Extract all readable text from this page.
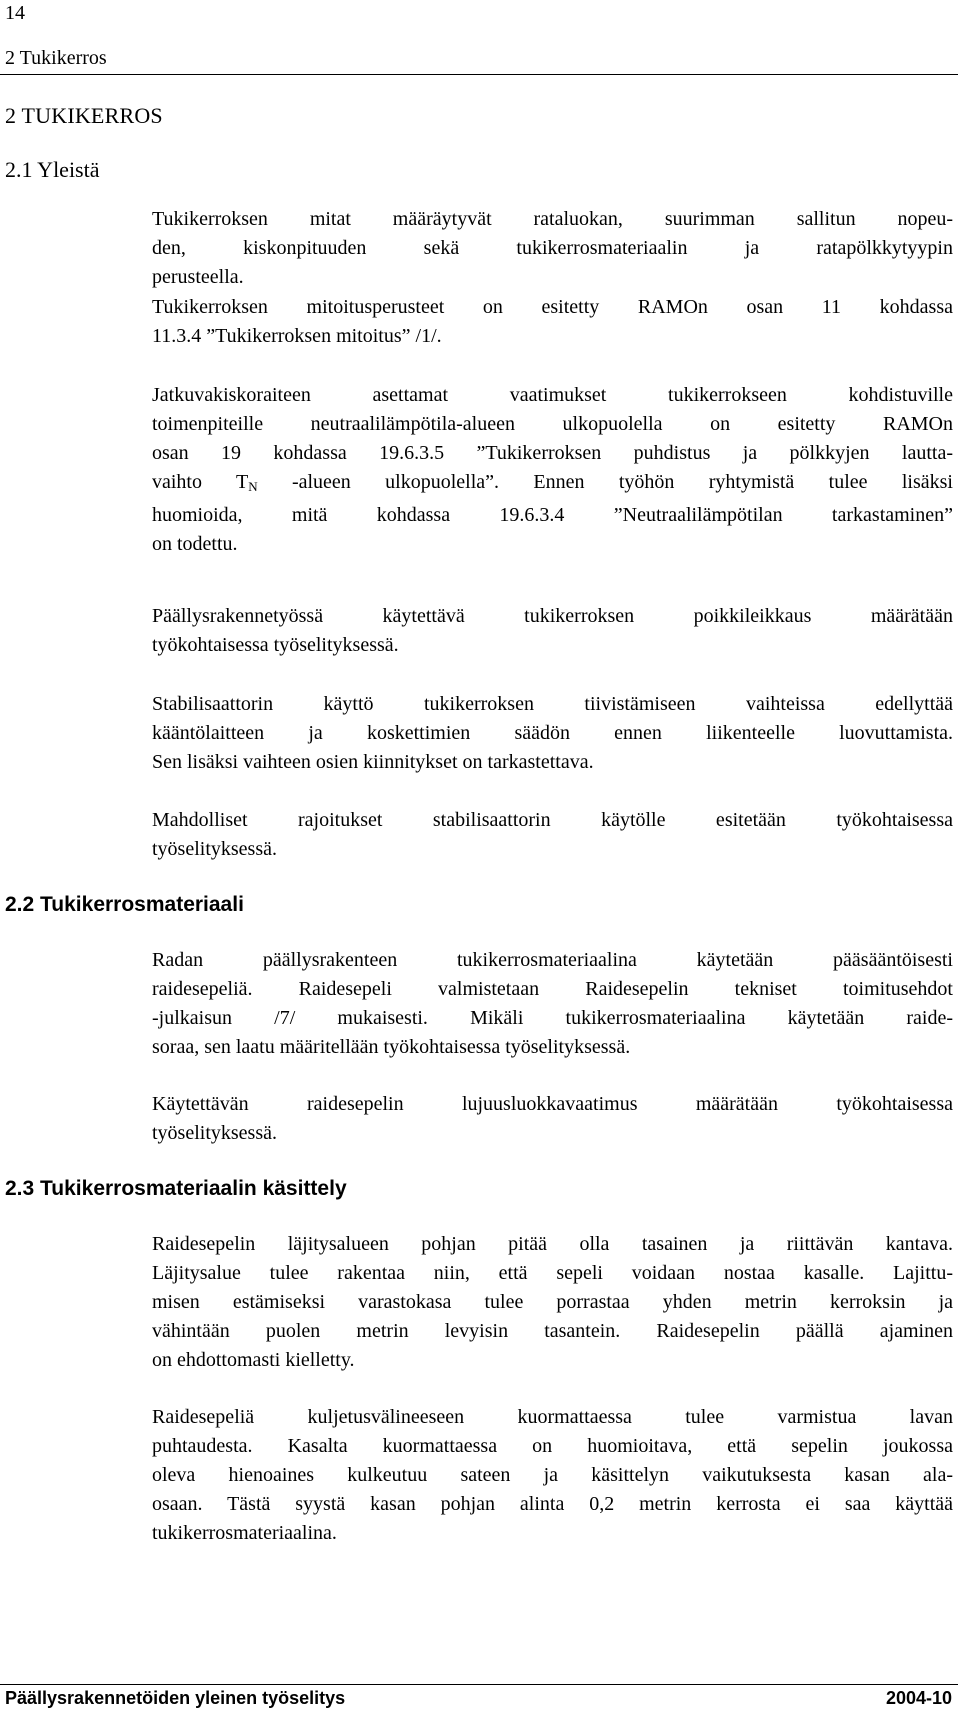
14
2 Tukikerros
2 TUKIKERROS
2.1 Yleistä
Tukikerroksen mitat määräytyvät rataluokan, suurimman sallitun nopeu-
den, kiskonpituuden sekä tukikerrosmateriaalin ja ratapölkkytyypin
perusteella.
Tukikerroksen mitoitusperusteet on esitetty RAMOn osan 11 kohdassa
11.3.4 ”Tukikerroksen mitoitus” /1/.
Jatkuvakiskoraiteen asettamat vaatimukset tukikerrokseen kohdistuville
toimenpiteille neutraalilämpötila-alueen ulkopuolella on esitetty RAMOn
osan 19 kohdassa 19.6.3.5 ”Tukikerroksen puhdistus ja pölkkyjen lautta-
vaihto $T_N$ -alueen ulkopuolella”. Ennen työhön ryhtymistä tulee lisäksi
huomioida, mitä kohdassa 19.6.3.4 ”Neutraalilämpötilan tarkastaminen”
on todettu.
Päällysrakennetyössä käytettävä tukikerroksen poikkileikkaus määrätään
työkohtaisessa työselityksessä.
Stabilisaattorin käyttö tukikerroksen tiivistämiseen vaihteissa edellyttää
kääntölaitteen ja koskettimien säädön ennen liikenteelle luovuttamista.
Sen lisäksi vaihteen osien kiinnitykset on tarkastettava.
Mahdolliset rajoitukset stabilisaattorin käytölle esitetään työkohtaisessa
työselityksessä.
2.2 Tukikerrosmateriaali
Radan päällysrakenteen tukikerrosmateriaalina käytetään pääsääntöisesti
raidesepeliä. Raidesepeli valmistetaan Raidesepelin tekniset toimitusehdot
-julkaisun /7/ mukaisesti. Mikäli tukikerrosmateriaalina käytetään raide-
soraa, sen laatu määritellään työkohtaisessa työselityksessä.
Käytettävän raidesepelin lujuusluokkavaatimus määrätään työkohtaisessa
työselityksessä.
2.3 Tukikerrosmateriaalin käsittely
Raidesepelin läjitysalueen pohjan pitää olla tasainen ja riittävän kantava.
Läjitysalue tulee rakentaa niin, että sepeli voidaan nostaa kasalle. Lajittu-
misen estämiseksi varastokasa tulee porrastaa yhden metrin kerroksin ja
vähintään puolen metrin levyisin tasantein. Raidesepelin päällä ajaminen
on ehdottomasti kielletty.
Raidesepeliä kuljetusvälineeseen kuormattaessa tulee varmistua lavan
puhtaudesta. Kasalta kuormattaessa on huomioitava, että sepelin joukossa
oleva hienoaines kulkeutuu sateen ja käsittelyn vaikutuksesta kasan ala-
osaan. Tästä syystä kasan pohjan alinta 0,2 metrin kerrosta ei saa käyttää
tukikerrosmateriaalina.
Päällysrakennetöiden yleinen työselitys	2004-10
